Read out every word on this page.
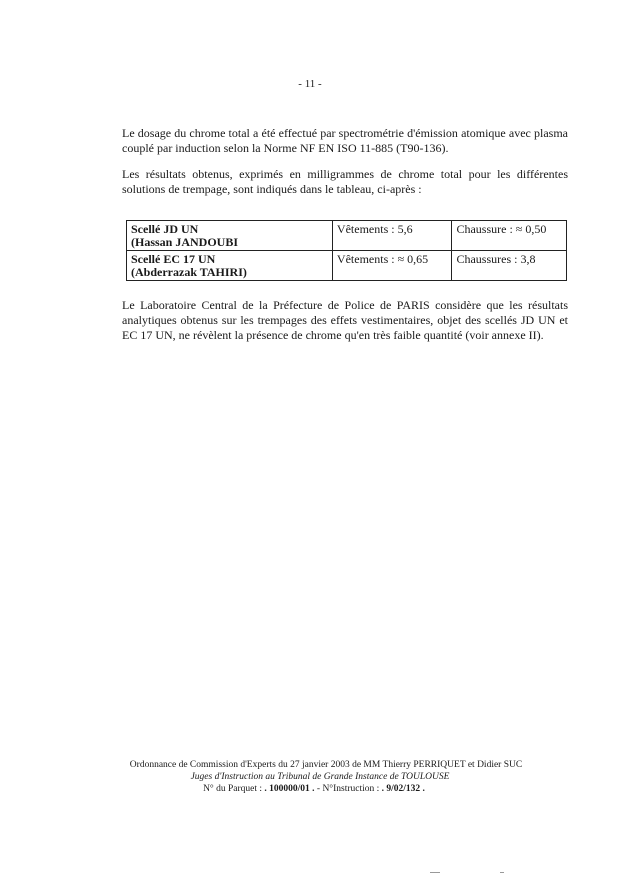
- 11 -

Le dosage du chrome total a été effectué par spectrométrie d'émission atomique avec plasma couplé par induction selon la Norme NF EN ISO 11-885 (T90-136).

Les résultats obtenus, exprimés en milligrammes de chrome total pour les différentes solutions de trempage, sont indiqués dans le tableau, ci-après :

Scellé JD UN
(Hassan JANDOUBI	Vêtements : 5,6	Chaussure : ≈ 0,50

Scellé EC 17 UN
(Abderrazak TAHIRI)	Vêtements : ≈ 0,65	Chaussures : 3,8

Le Laboratoire Central de la Préfecture de Police de PARIS considère que les résultats analytiques obtenus sur les trempages des effets vestimentaires, objet des scellés JD UN et EC 17 UN, ne révèlent la présence de chrome qu'en très faible quantité (voir annexe II).

Ordonnance de Commission d'Experts du 27 janvier 2003 de MM Thierry PERRIQUET et Didier SUC
Juges d'Instruction au Tribunal de Grande Instance de TOULOUSE
N° du Parquet : . 100000/01 . - N°Instruction : . 9/02/132 .
